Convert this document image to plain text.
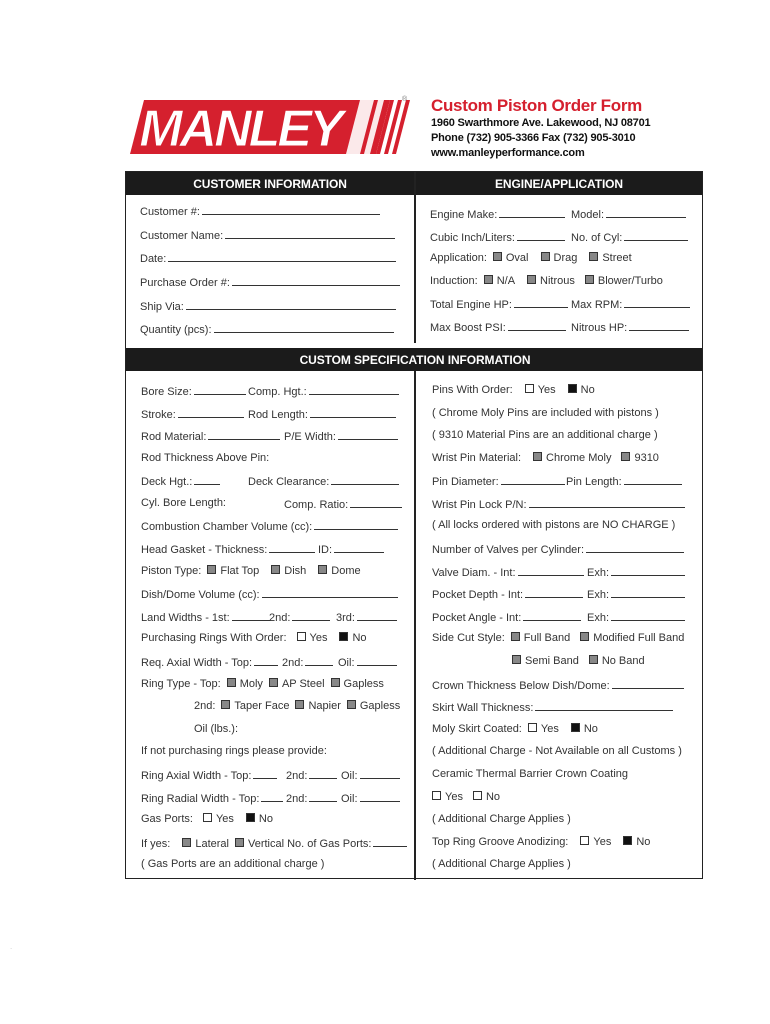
MANLEY
® Custom Piston Order Form
1960 Swarthmore Ave. Lakewood, NJ 08701
Phone (732) 905-3366 Fax (732) 905-3010
www.manleyperformance.com
CUSTOMER INFORMATION	ENGINE/APPLICATION
CUSTOM SPECIFICATION INFORMATION
Customer #:
Customer Name:
Date:
Purchase Order #:
Ship Via:
Quantity (pcs):
Engine Make:	Model:
Cubic Inch/Liters:	No. of Cyl:
Application: Oval Drag Street
Induction: N/A Nitrous Blower/Turbo
Total Engine HP:	Max RPM:
Max Boost PSI:	Nitrous HP:
Bore Size:	Comp. Hgt.:
Stroke:	Rod Length:
Rod Material:	P/E Width:
Rod Thickness Above Pin:
Deck Hgt.:	Deck Clearance:
Cyl. Bore Length:	Comp. Ratio:
Combustion Chamber Volume (cc):
Head Gasket - Thickness:	ID:
Piston Type: Flat Top Dish Dome
Dish/Dome Volume (cc):
Land Widths - 1st:	2nd:	3rd:
Purchasing Rings With Order: Yes No
Req. Axial Width - Top:	2nd:	Oil:
Ring Type - Top: Moly AP Steel Gapless
2nd: Taper Face Napier Gapless
Oil (lbs.):
If not purchasing rings please provide:
Ring Axial Width - Top:	2nd:	Oil:
Ring Radial Width - Top:	2nd:	Oil:
Gas Ports: Yes No
If yes: Lateral Vertical No. of Gas Ports:
( Gas Ports are an additional charge )
Pins With Order: Yes No
( Chrome Moly Pins are included with pistons )
( 9310 Material Pins are an additional charge )
Wrist Pin Material: Chrome Moly 9310
Pin Diameter:	Pin Length:
Wrist Pin Lock P/N:
( All locks ordered with pistons are NO CHARGE )
Number of Valves per Cylinder:
Valve Diam. - Int:	Exh:
Pocket Depth - Int:	Exh:
Pocket Angle - Int:	Exh:
Side Cut Style: Full Band Modified Full Band
Semi Band No Band
Crown Thickness Below Dish/Dome:
Skirt Wall Thickness:
Moly Skirt Coated: Yes No
( Additional Charge - Not Available on all Customs )
Ceramic Thermal Barrier Crown Coating
Yes No
( Additional Charge Applies )
Top Ring Groove Anodizing: Yes No
( Additional Charge Applies )
.
